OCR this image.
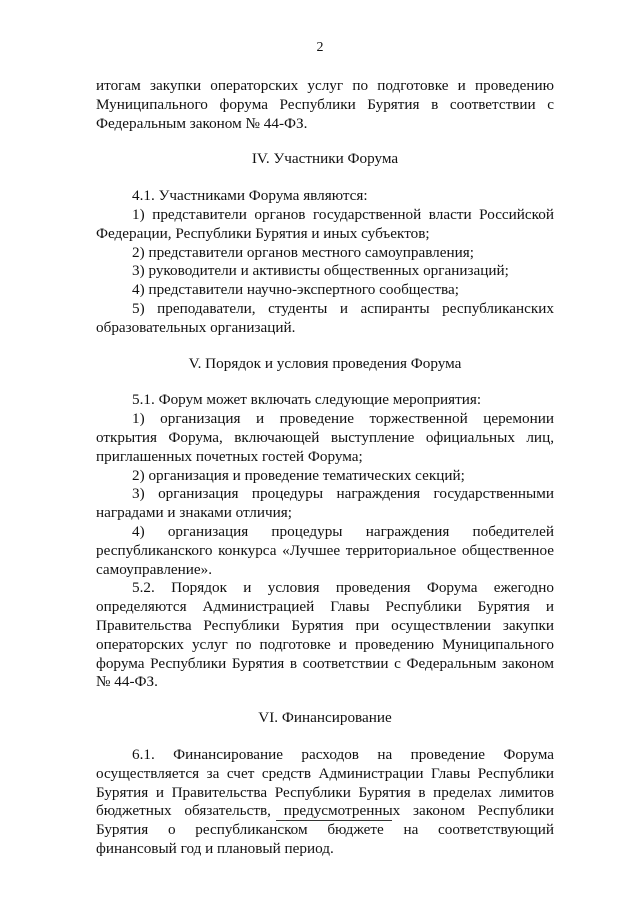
2

итогам закупки операторских услуг по подготовке и проведению Муниципального форума Республики Бурятия в соответствии с Федеральным законом № 44-ФЗ.

IV. Участники Форума

4.1. Участниками Форума являются:

1) представители органов государственной власти Российской Федерации, Республики Бурятия и иных субъектов;

2) представители органов местного самоуправления;

3) руководители и активисты общественных организаций;

4) представители научно-экспертного сообщества;

5) преподаватели, студенты и аспиранты республиканских образовательных организаций.

V. Порядок и условия проведения Форума

5.1. Форум может включать следующие мероприятия:

1) организация и проведение торжественной церемонии открытия Форума, включающей выступление официальных лиц, приглашенных почетных гостей Форума;

2) организация и проведение тематических секций;

3) организация процедуры награждения государственными наградами и знаками отличия;

4) организация процедуры награждения победителей республиканского конкурса «Лучшее территориальное общественное самоуправление».

5.2. Порядок и условия проведения Форума ежегодно определяются Администрацией Главы Республики Бурятия и Правительства Республики Бурятия при осуществлении закупки операторских услуг по подготовке и проведению Муниципального форума Республики Бурятия в соответствии с Федеральным законом № 44-ФЗ.

VI. Финансирование

6.1. Финансирование расходов на проведение Форума осуществляется за счет средств Администрации Главы Республики Бурятия и Правительства Республики Бурятия в пределах лимитов бюджетных обязательств, предусмотренных законом Республики Бурятия о республиканском бюджете на соответствующий финансовый год и плановый период.
